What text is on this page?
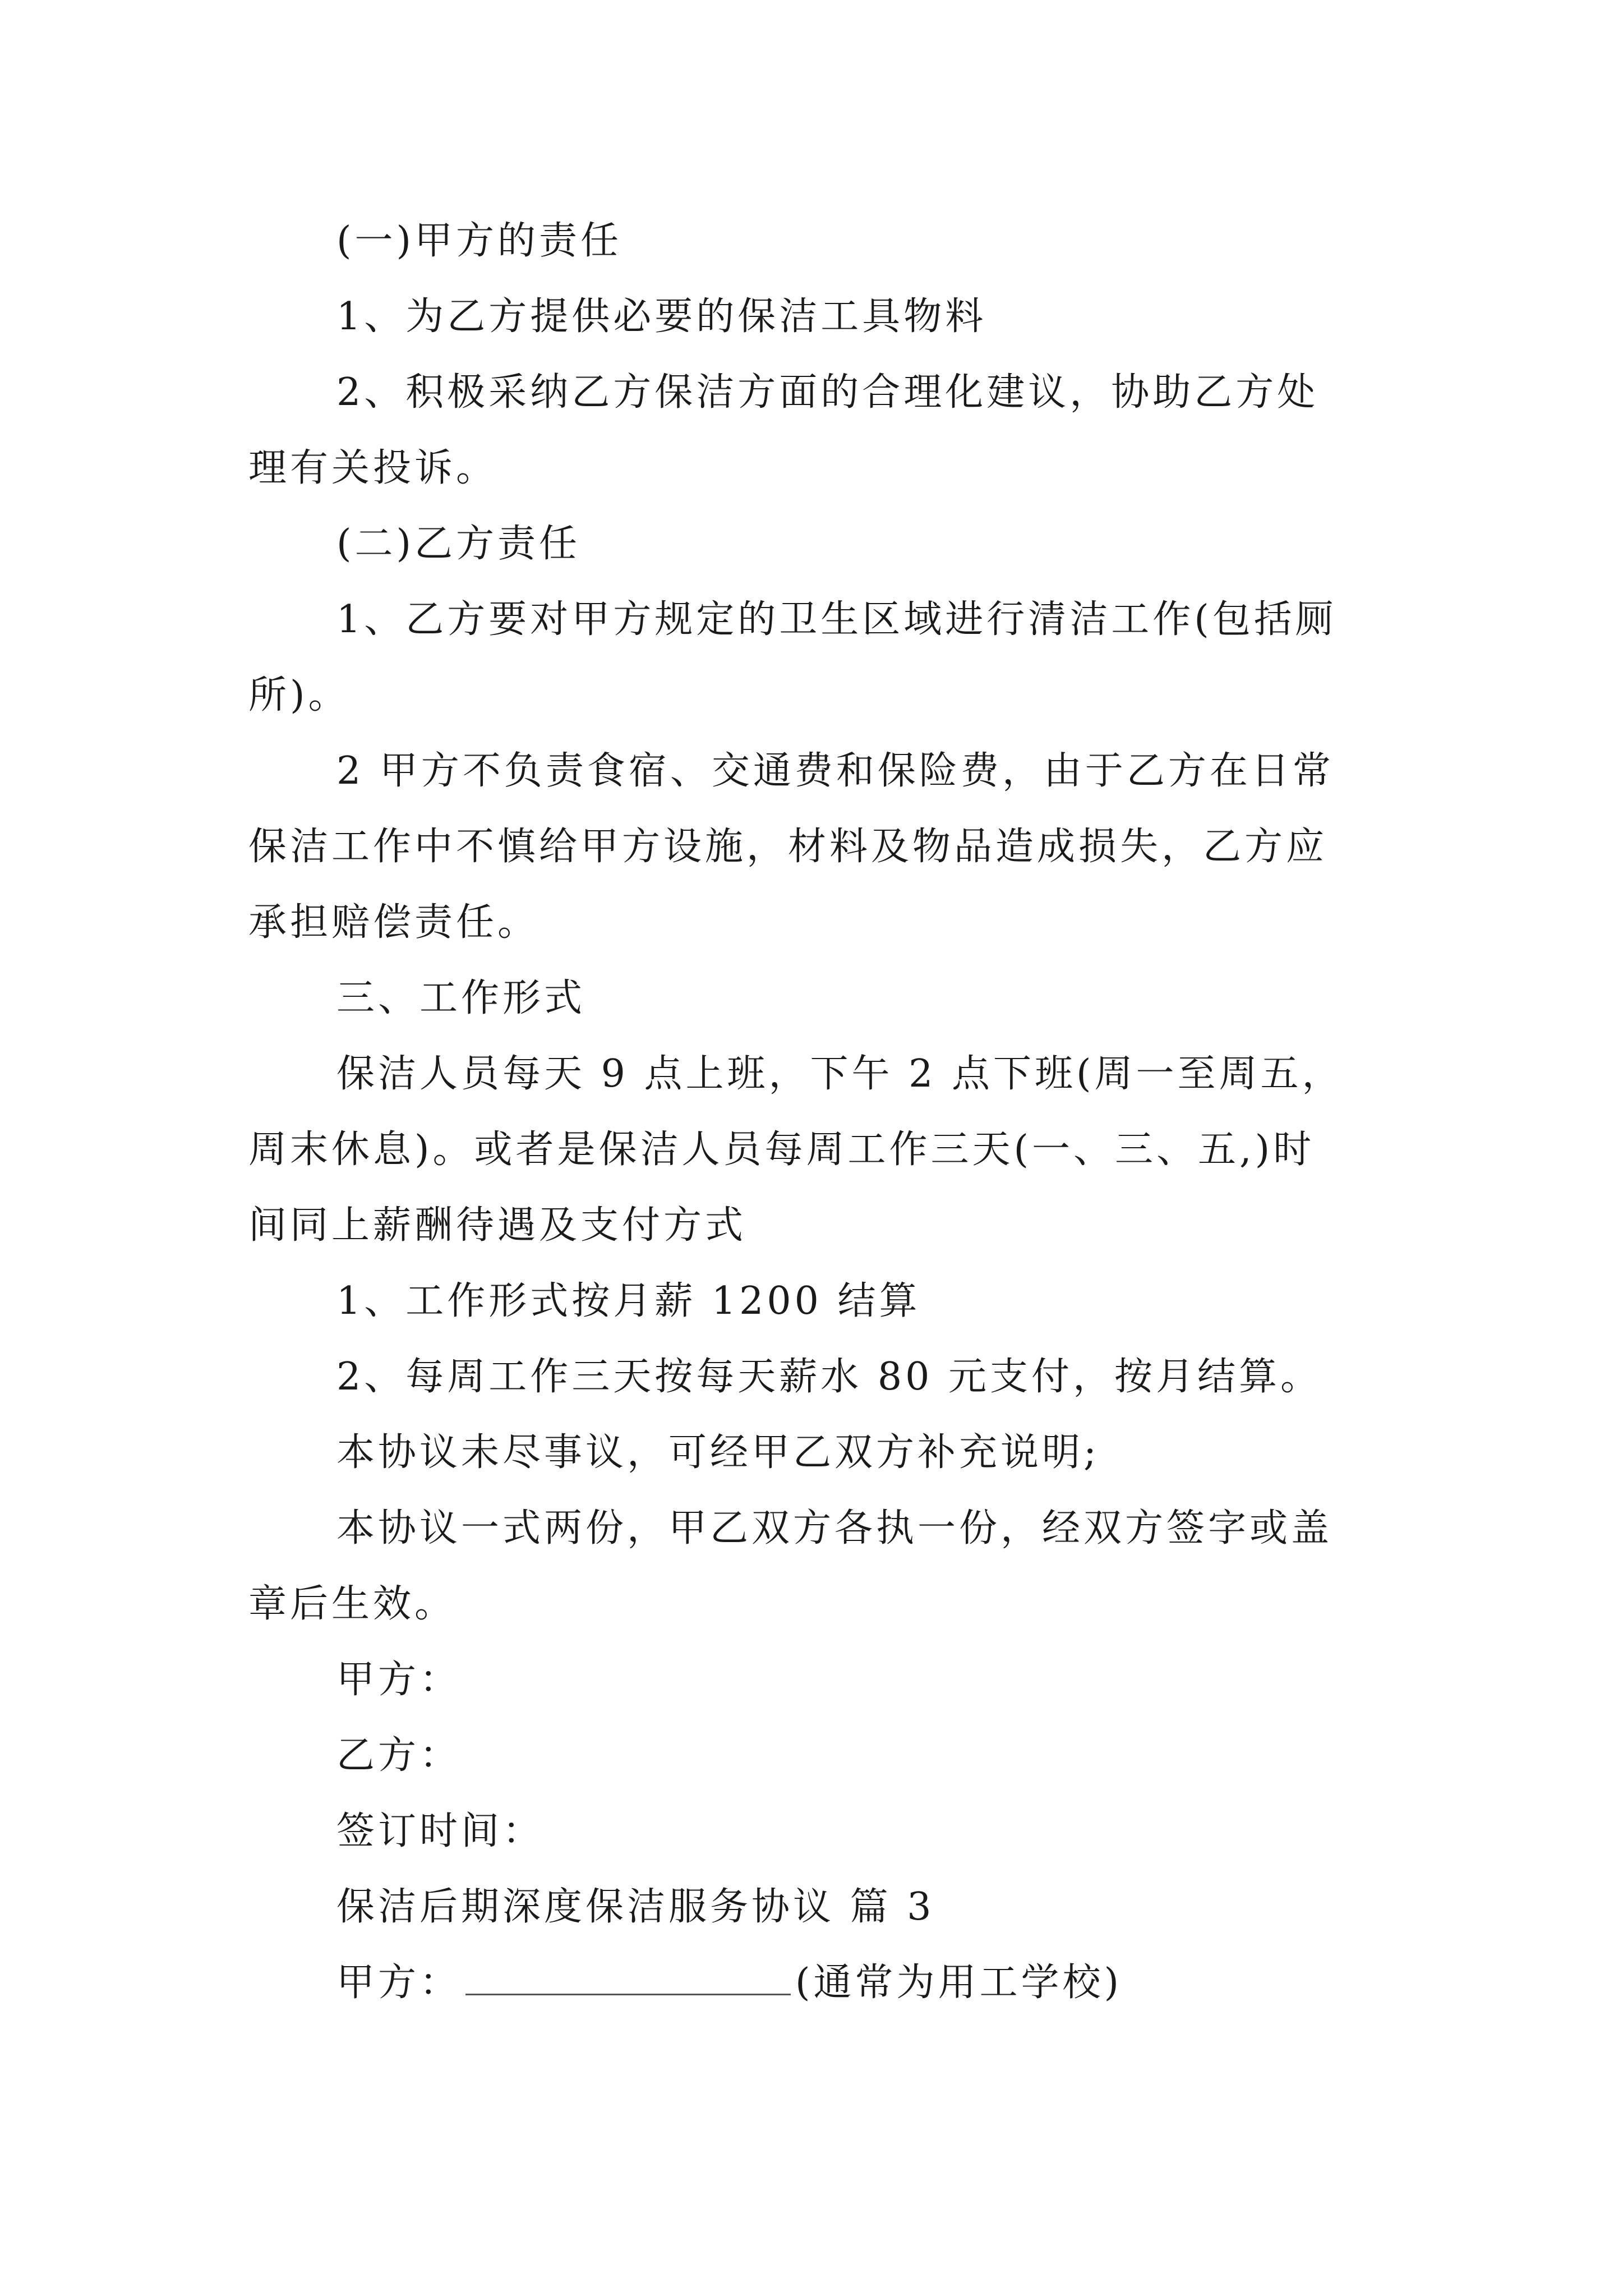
(一)甲方的责任
1、为乙方提供必要的保洁工具物料
2、积极采纳乙方保洁方面的合理化建议，协助乙方处
理有关投诉。
(二)乙方责任
1、乙方要对甲方规定的卫生区域进行清洁工作(包括厕
所)。
2 甲方不负责食宿、交通费和保险费，由于乙方在日常
保洁工作中不慎给甲方设施，材料及物品造成损失，乙方应
承担赔偿责任。
三、工作形式
保洁人员每天 9 点上班，下午 2 点下班(周一至周五，
周末休息)。或者是保洁人员每周工作三天(一、三、五,)时
间同上薪酬待遇及支付方式
1、工作形式按月薪 1200 结算
2、每周工作三天按每天薪水 80 元支付，按月结算。
本协议未尽事议，可经甲乙双方补充说明;
本协议一式两份，甲乙双方各执一份，经双方签字或盖
章后生效。
甲方：
乙方：
签订时间：
保洁后期深度保洁服务协议 篇 3
甲方：	(通常为用工学校)
